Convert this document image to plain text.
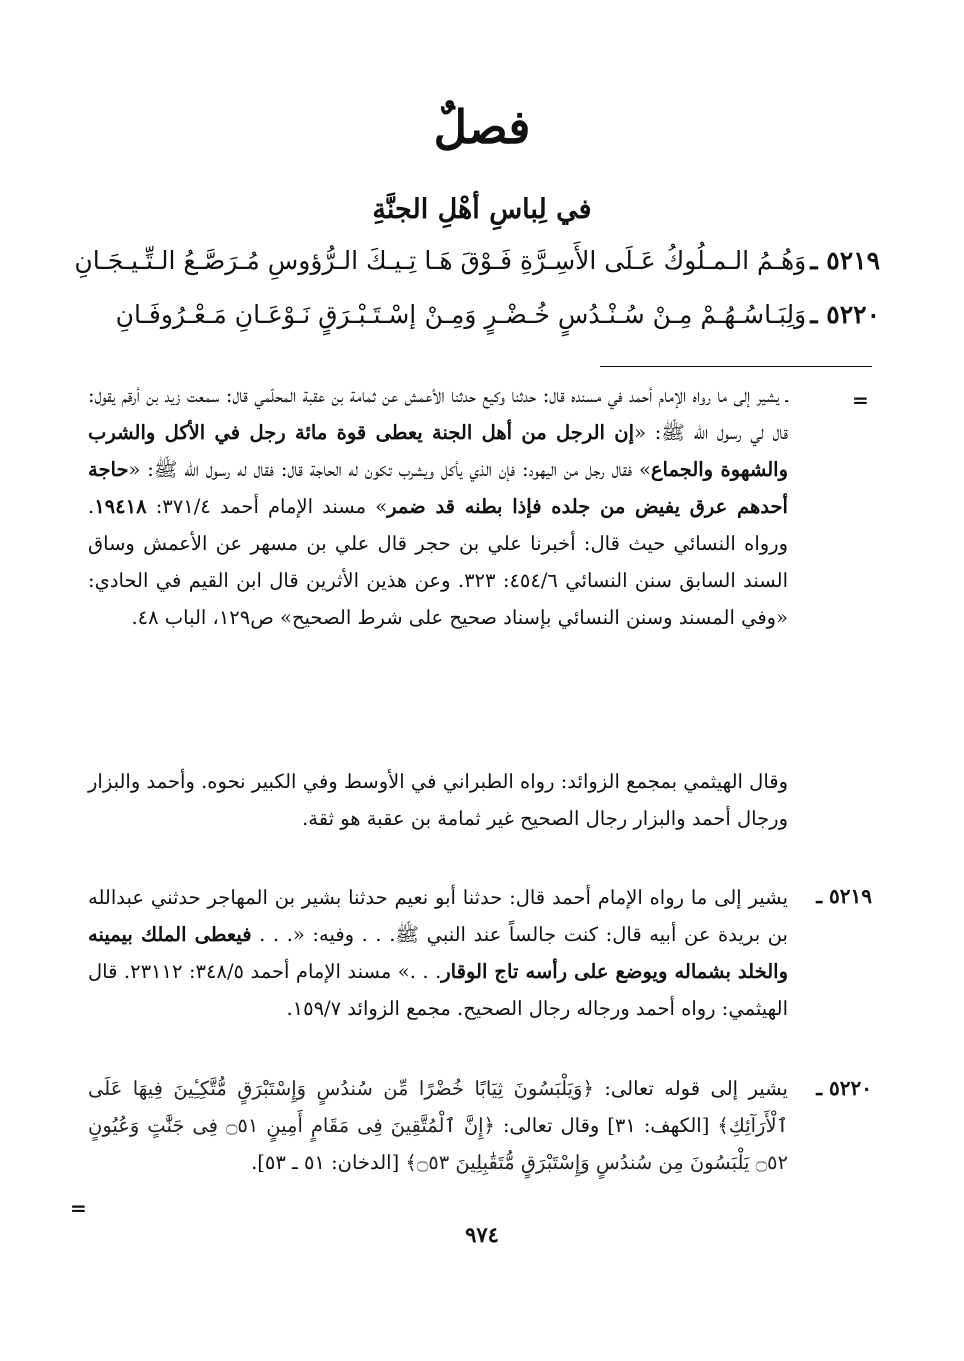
فصلٌ
في لِباسِ أهْلِ الجنَّةِ
٥٢١٩ ـ
وَهُـمُ الـمـلُوكُ عَـلَى الأَسِـرَّةِ فَـوْقَ هَـا
تِـيـكَ الـرُّؤوسِ مُـرَصَّـعُ الـتِّـيـجَـانِ
٥٢٢٠ ـ
وَلِبَـاسُـهُـمْ مِـنْ سُـنْـدُسٍ خُـضْـرٍ وَمِـنْ
إسْـتَـبْـرَقٍ نَـوْعَـانِ مَـعْـرُوفَـانِ
=
ـ يشير إلى ما رواه الإمام أحمد في مسنده قال: حدثنا وكيع حدثنا الأعمش عن ثمامة بن عقبة المحلّمي قال: سمعت زيد بن أرقم يقول: قال لي رسول الله ﷺ: «إن الرجل من أهل الجنة يعطى قوة مائة رجل في الأكل والشرب والشهوة والجماع» فقال رجل من اليهود: فإن الذي يأكل ويشرب تكون له الحاجة قال: فقال له رسول الله ﷺ: «حاجة أحدهم عرق يفيض من جلده فإذا بطنه قد ضمر» مسند الإمام أحمد ٣٧١/٤: ١٩٤١٨. ورواه النسائي حيث قال: أخبرنا علي بن حجر قال علي بن مسهر عن الأعمش وساق السند السابق سنن النسائي ٤٥٤/٦: ٣٢٣. وعن هذين الأثرين قال ابن القيم في الحادي: «وفي المسند وسنن النسائي بإسناد صحيح على شرط الصحيح» ص١٢٩، الباب ٤٨.
وقال الهيثمي بمجمع الزوائد: رواه الطبراني في الأوسط وفي الكبير نحوه. وأحمد والبزار ورجال أحمد والبزار رجال الصحيح غير ثمامة بن عقبة هو ثقة.
٥٢١٩ ـ
يشير إلى ما رواه الإمام أحمد قال: حدثنا أبو نعيم حدثنا بشير بن المهاجر حدثني عبدالله بن بريدة عن أبيه قال: كنت جالساً عند النبي ﷺ. . . وفيه: «. . . فيعطى الملك بيمينه والخلد بشماله ويوضع على رأسه تاج الوقار. . .» مسند الإمام أحمد ٣٤٨/٥: ٢٣١١٢. قال الهيثمي: رواه أحمد ورجاله رجال الصحيح. مجمع الزوائد ١٥٩/٧.
٥٢٢٠ ـ
يشير إلى قوله تعالى: ﴿وَيَلْبَسُونَ ثِيَابًا خُضْرًا مِّن سُندُسٍ وَإِسْتَبْرَقٍ مُّتَّكِـِٔينَ فِيهَا عَلَى ٱلْأَرَآئِكِ﴾ [الكهف: ٣١] وقال تعالى: ﴿إِنَّ ٱلْمُتَّقِينَ فِى مَقَامٍ أَمِينٍ ۝٥١ فِى جَنَّٰتٍ وَعُيُونٍ ۝٥٢ يَلْبَسُونَ مِن سُندُسٍ وَإِسْتَبْرَقٍ مُّتَقَٰبِلِينَ ۝٥٣﴾ [الدخان: ٥١ ـ ٥٣].
=
٩٧٤
